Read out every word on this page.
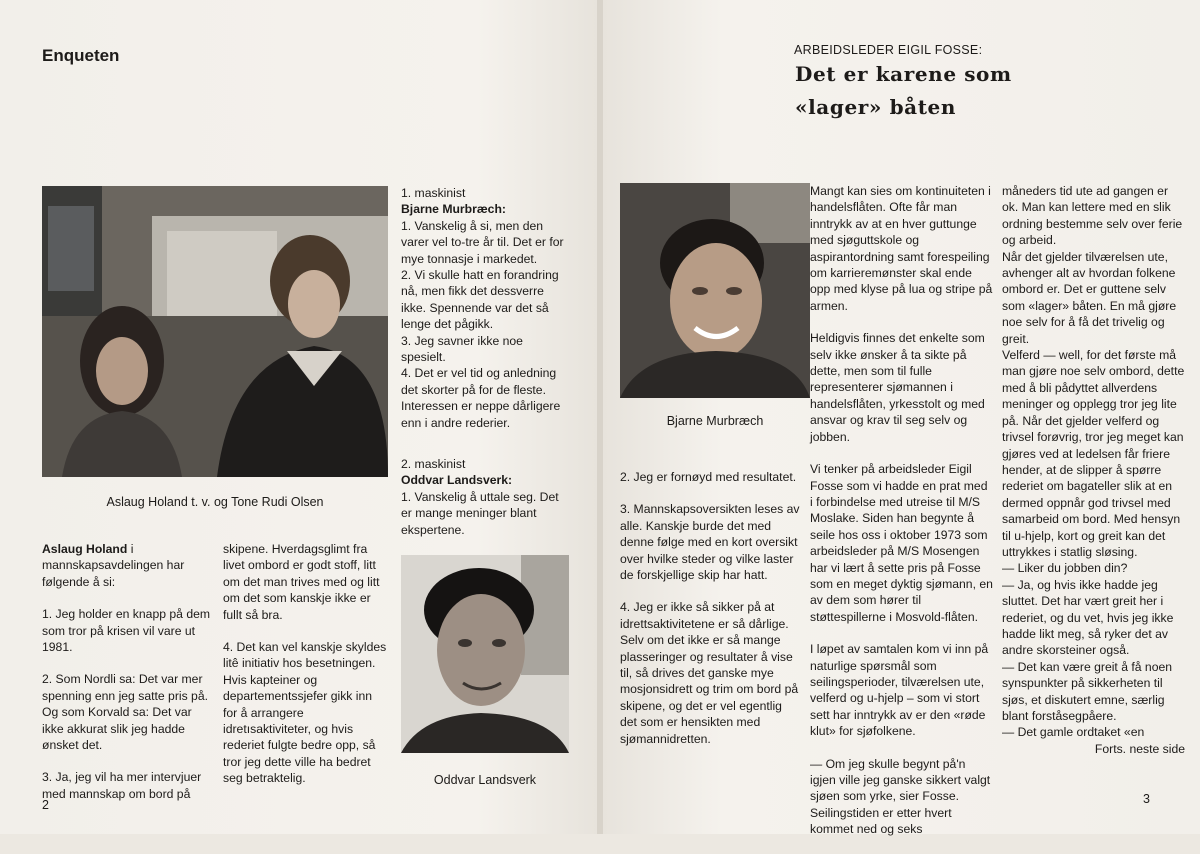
Enqueten
Aslaug Holand t. v. og Tone Rudi Olsen

Aslaug Holand i mannskapsavdelingen har følgende å si:

1. Jeg holder en knapp på dem som tror på krisen vil vare ut 1981.

2. Som Nordli sa: Det var mer spenning enn jeg satte pris på. Og som Korvald sa: Det var ikke akkurat slik jeg hadde ønsket det.

3. Ja, jeg vil ha mer intervjuer med mannskap om bord på

skipene. Hverdagsglimt fra livet ombord er godt stoff, litt om det man trives med og litt om det som kanskje ikke er fullt så bra.

4. Det kan vel kanskje skyldes litê initiativ hos besetningen. Hvis kapteiner og departementssjefer gikk inn for å arrangere idretısaktiviteter, og hvis rederiet fulgte bedre opp, så tror jeg dette ville ha bedret seg betraktelig.

1. maskinist
Bjarne Murbræch:
1. Vanskelig å si, men den varer vel to-tre år til. Det er for mye tonnasje i markedet.
2. Vi skulle hatt en forandring nå, men fikk det dessverre ikke. Spennende var det så lenge det pågikk.
3. Jeg savner ikke noe spesielt.
4. Det er vel tid og anledning det skorter på for de fleste. Interessen er neppe dårligere enn i andre rederier.
2. maskinist
Oddvar Landsverk:
1. Vanskelig å uttale seg. Det er mange meninger blant ekspertene.
Oddvar Landsverk
2
ARBEIDSLEDER EIGIL FOSSE:
Det er karene som
«lager» båten
Bjarne Murbræch

2. Jeg er fornøyd med resultatet.

3. Mannskapsoversikten leses av alle. Kanskje burde det med denne følge med en kort oversikt over hvilke steder og vilke laster de forskjellige skip har hatt.

4. Jeg er ikke så sikker på at idrettsaktivitetene er så dårlige. Selv om det ikke er så mange plasseringer og resultater å vise til, så drives det ganske mye mosjonsidrett og trim om bord på skipene, og det er vel egentlig det som er hensikten med sjømannidretten.

Mangt kan sies om kontinuiteten i handelsflåten. Ofte får man inntrykk av at en hver guttunge med sjøguttskole og aspirantordning samt forespeiling om karrieremønster skal ende opp med klyse på lua og stripe på armen.

Heldigvis finnes det enkelte som selv ikke ønsker å ta sikte på dette, men som til fulle representerer sjømannen i handelsflåten, yrkesstolt og med ansvar og krav til seg selv og jobben.

Vi tenker på arbeidsleder Eigil Fosse som vi hadde en prat med i forbindelse med utreise til M/S Moslake. Siden han begynte å seile hos oss i oktober 1973 som arbeidsleder på M/S Mosengen har vi lært å sette pris på Fosse som en meget dyktig sjømann, en av dem som hører til støttespillerne i Mosvold-flåten.

I løpet av samtalen kom vi inn på naturlige spørsmål som seilingsperioder, tilværelsen ute, velferd og u-hjelp – som vi stort sett har inntrykk av er den «røde klut» for sjøfolkene.

— Om jeg skulle begynt på'n igjen ville jeg ganske sikkert valgt sjøen som yrke, sier Fosse. Seilingstiden er etter hvert kommet ned og seks

måneders tid ute ad gangen er ok. Man kan lettere med en slik ordning bestemme selv over ferie og arbeid.

Når det gjelder tilværelsen ute, avhenger alt av hvordan folkene ombord er. Det er guttene selv som «lager» båten. En må gjøre noe selv for å få det trivelig og greit.

Velferd — well, for det første må man gjøre noe selv ombord, dette med å bli pådyttet allverdens meninger og opplegg tror jeg lite på. Når det gjelder velferd og trivsel forøvrig, tror jeg meget kan gjøres ved at ledelsen får friere hender, at de slipper å spørre rederiet om bagateller slik at en dermed oppnår god trivsel med samarbeid om bord. Med hensyn til u-hjelp, kort og greit kan det uttrykkes i statlig sløsing.

— Liker du jobben din?

— Ja, og hvis ikke hadde jeg sluttet. Det har vært greit her i rederiet, og du vet, hvis jeg ikke hadde likt meg, så ryker det av andre skorsteiner også.

— Det kan være greit å få noen synspunkter på sikkerheten til sjøs, et diskutert emne, særlig blant forståsegpåere.

— Det gamle ordtaket «en

Forts. neste side

3
